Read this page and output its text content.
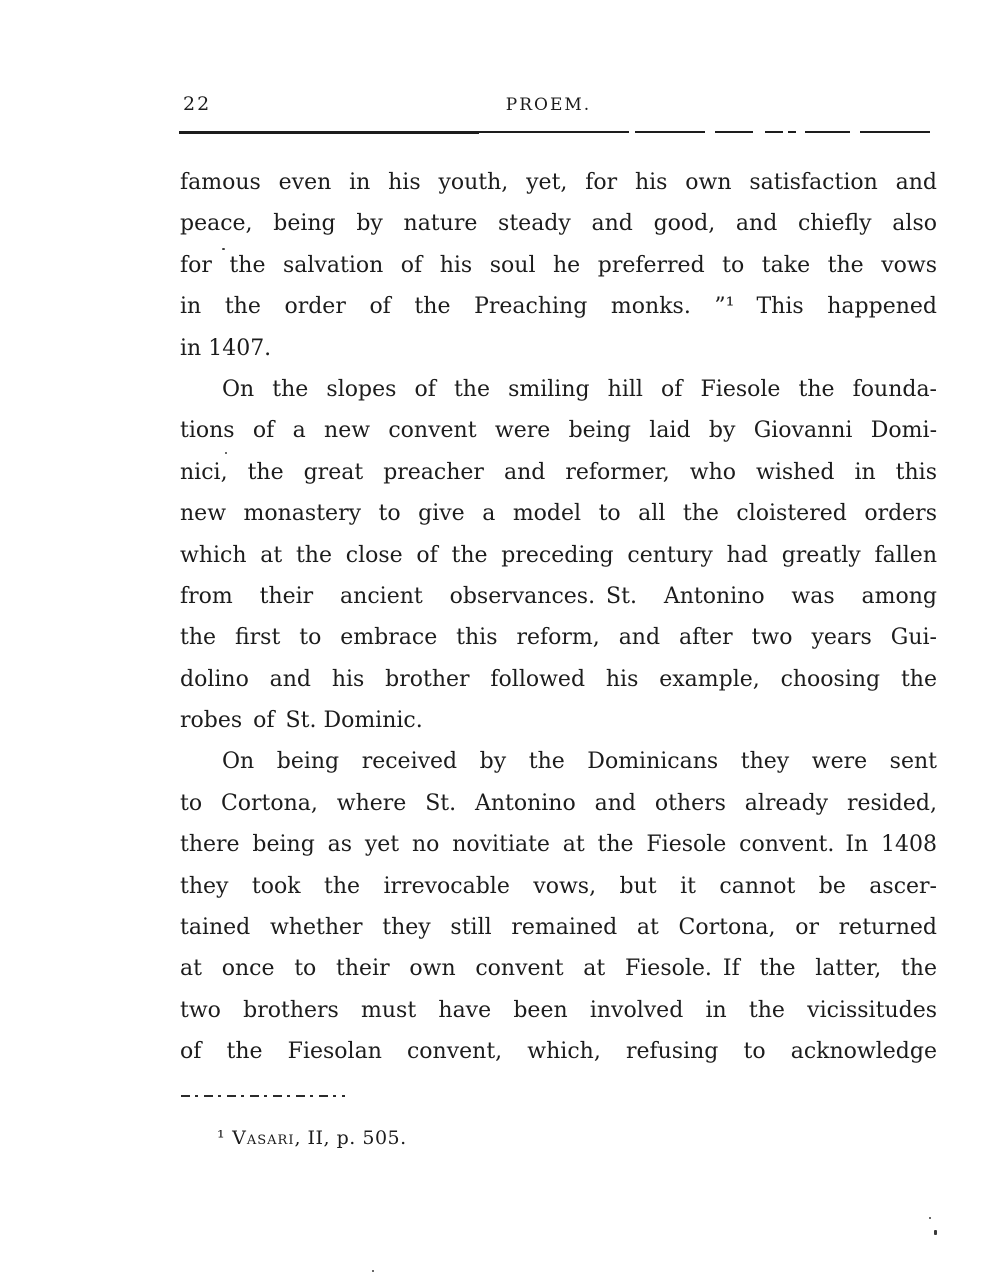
22	PROEM.
famous even in his youth, yet, for his own satisfaction and
peace, being by nature steady and good, and chiefly also
for the salvation of his soul he preferred to take the vows
in the order of the Preaching monks. ”¹ This happened
in 1407.
On the slopes of the smiling hill of Fiesole the founda-
tions of a new convent were being laid by Giovanni Domi-
nici, the great preacher and reformer, who wished in this
new monastery to give a model to all the cloistered orders
which at the close of the preceding century had greatly fallen
from their ancient observances. St. Antonino was among
the first to embrace this reform, and after two years Gui-
dolino and his brother followed his example, choosing the
robes of St. Dominic.
On being received by the Dominicans they were sent
to Cortona, where St. Antonino and others already resided,
there being as yet no novitiate at the Fiesole convent. In 1408
they took the irrevocable vows, but it cannot be ascer-
tained whether they still remained at Cortona, or returned
at once to their own convent at Fiesole. If the latter, the
two brothers must have been involved in the vicissitudes
of the Fiesolan convent, which, refusing to acknowledge
¹ Vasari, II, p. 505.
